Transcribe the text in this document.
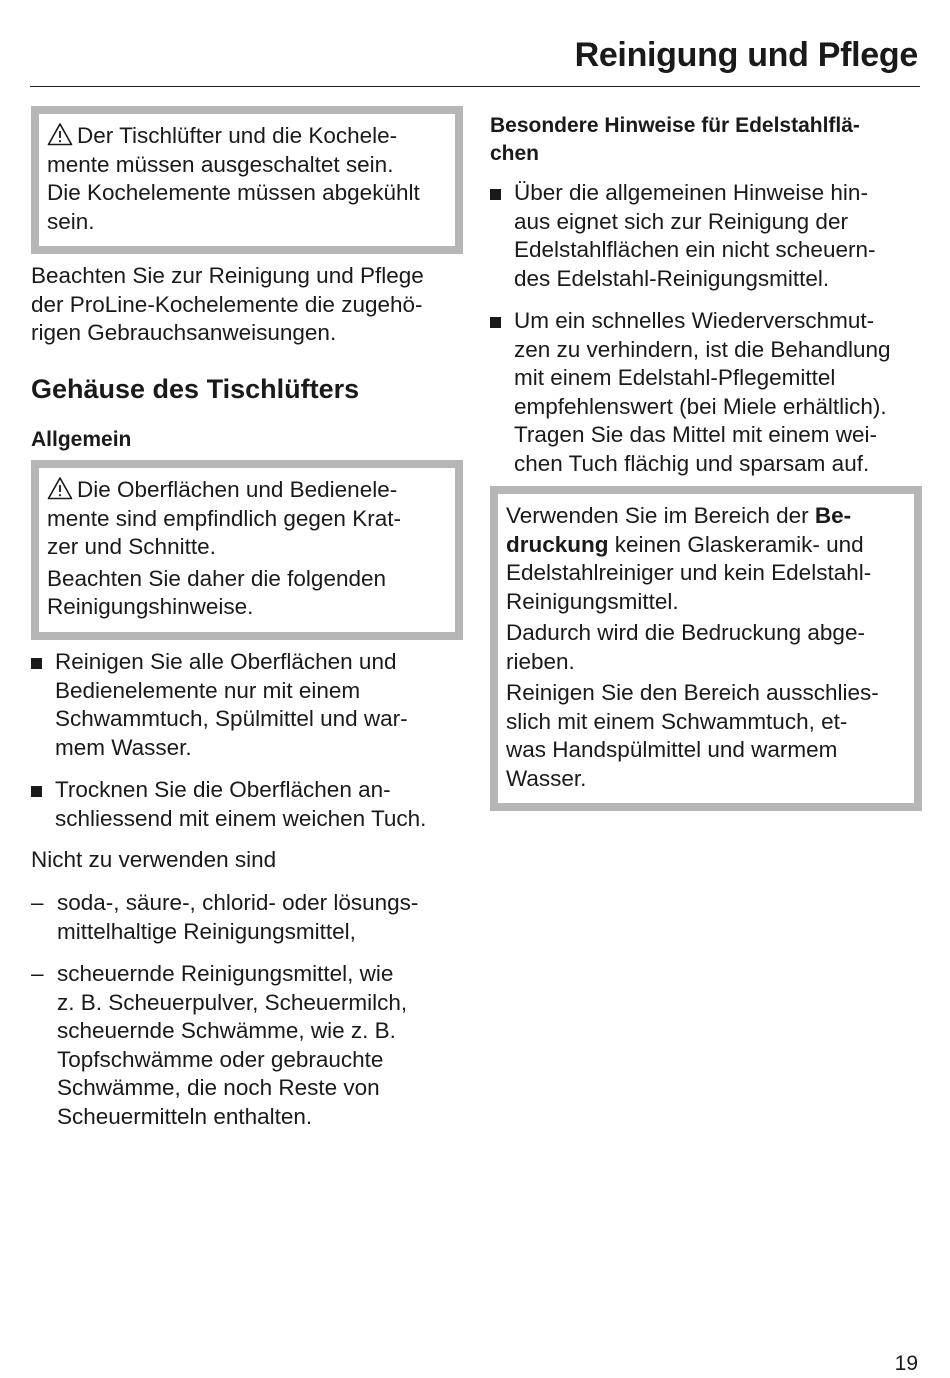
Reinigung und Pflege

Der Tischlüfter und die Kochele-
mente müssen ausgeschaltet sein.
Die Kochelemente müssen abgekühlt
sein.

Beachten Sie zur Reinigung und Pflege
der ProLine-Kochelemente die zugehö-
rigen Gebrauchsanweisungen.

Gehäuse des Tischlüfters
Allgemein

Die Oberflächen und Bedienele-
mente sind empfindlich gegen Krat-
zer und Schnitte.

Beachten Sie daher die folgenden
Reinigungshinweise.

Reinigen Sie alle Oberflächen und
Bedienelemente nur mit einem
Schwammtuch, Spülmittel und war-
mem Wasser.
Trocknen Sie die Oberflächen an-
schliessend mit einem weichen Tuch.

Nicht zu verwenden sind

– soda-, säure-, chlorid- oder lösungs-
mittelhaltige Reinigungsmittel,
– scheuernde Reinigungsmittel, wie
z. B. Scheuerpulver, Scheuermilch,
scheuernde Schwämme, wie z. B.
Topfschwämme oder gebrauchte
Schwämme, die noch Reste von
Scheuermitteln enthalten.
Besondere Hinweise für Edelstahlflä-
chen
Über die allgemeinen Hinweise hin-
aus eignet sich zur Reinigung der
Edelstahlflächen ein nicht scheuern-
des Edelstahl-Reinigungsmittel.
Um ein schnelles Wiederverschmut-
zen zu verhindern, ist die Behandlung
mit einem Edelstahl-Pflegemittel
empfehlenswert (bei Miele erhältlich).
Tragen Sie das Mittel mit einem wei-
chen Tuch flächig und sparsam auf.

Verwenden Sie im Bereich der Be-
druckung keinen Glaskeramik- und
Edelstahlreiniger und kein Edelstahl-
Reinigungsmittel.

Dadurch wird die Bedruckung abge-
rieben.

Reinigen Sie den Bereich ausschlies-
slich mit einem Schwammtuch, et-
was Handspülmittel und warmem
Wasser.

19
